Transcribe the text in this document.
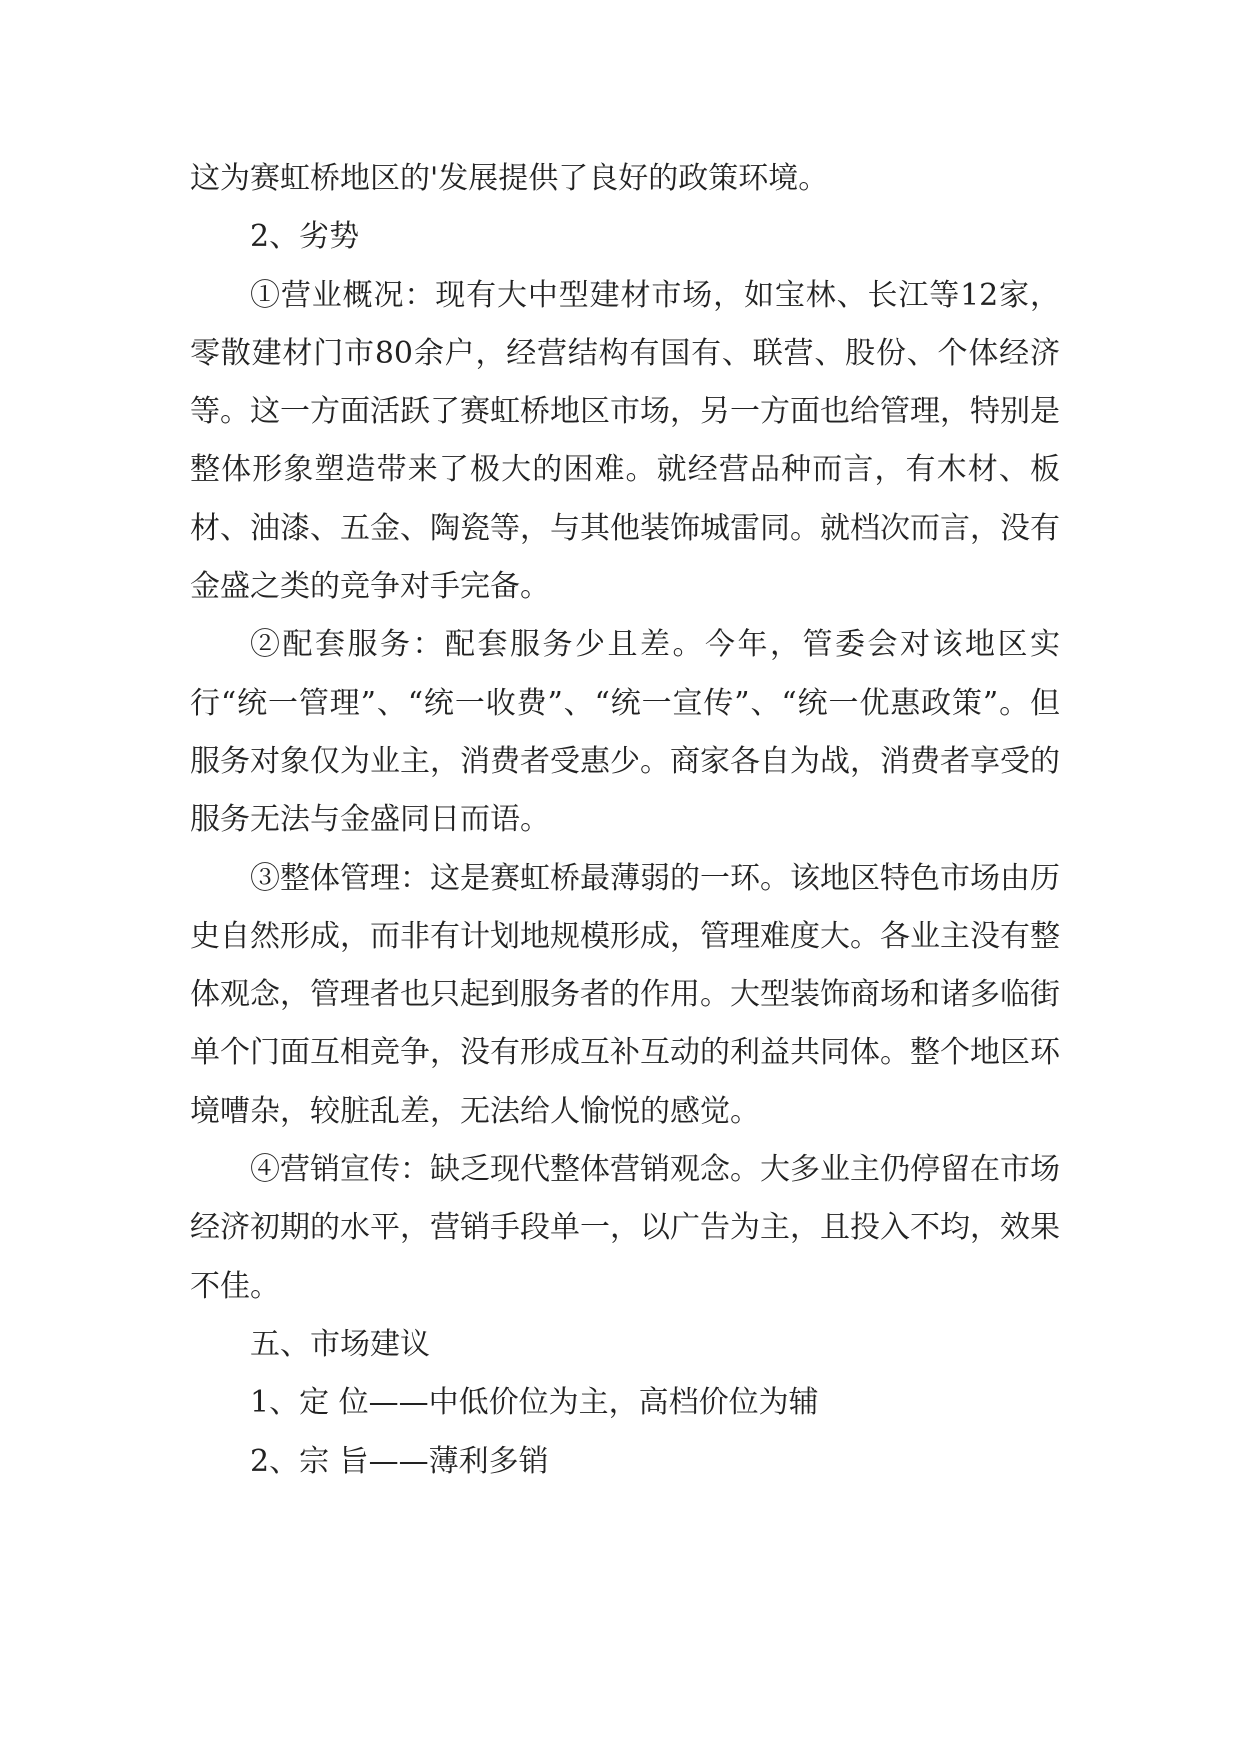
这为赛虹桥地区的'发展提供了良好的政策环境。

2、劣势

①营业概况：现有大中型建材市场，如宝林、长江等12家，零散建材门市80余户，经营结构有国有、联营、股份、个体经济等。这一方面活跃了赛虹桥地区市场，另一方面也给管理，特别是整体形象塑造带来了极大的困难。就经营品种而言，有木材、板材、油漆、五金、陶瓷等，与其他装饰城雷同。就档次而言，没有金盛之类的竞争对手完备。

②配套服务：配套服务少且差。今年，管委会对该地区实行“统一管理”、“统一收费”、“统一宣传”、“统一优惠政策”。但服务对象仅为业主，消费者受惠少。商家各自为战，消费者享受的服务无法与金盛同日而语。

③整体管理：这是赛虹桥最薄弱的一环。该地区特色市场由历史自然形成，而非有计划地规模形成，管理难度大。各业主没有整体观念，管理者也只起到服务者的作用。大型装饰商场和诸多临街单个门面互相竞争，没有形成互补互动的利益共同体。整个地区环境嘈杂，较脏乱差，无法给人愉悦的感觉。

④营销宣传：缺乏现代整体营销观念。大多业主仍停留在市场经济初期的水平，营销手段单一，以广告为主，且投入不均，效果不佳。

五、市场建议

1、定 位——中低价位为主，高档价位为辅

2、宗 旨——薄利多销
